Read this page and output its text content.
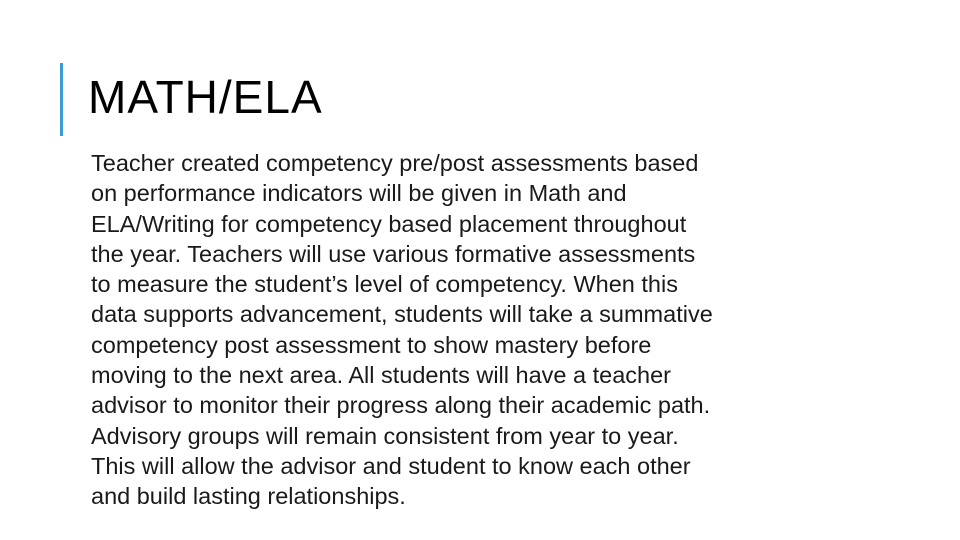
MATH/ELA

Teacher created competency pre/post assessments based
on performance indicators will be given in Math and
ELA/Writing for competency based placement throughout
the year. Teachers will use various formative assessments
to measure the student’s level of competency. When this
data supports advancement, students will take a summative
competency post assessment to show mastery before
moving to the next area. All students will have a teacher
advisor to monitor their progress along their academic path.
Advisory groups will remain consistent from year to year.
This will allow the advisor and student to know each other
and build lasting relationships.
